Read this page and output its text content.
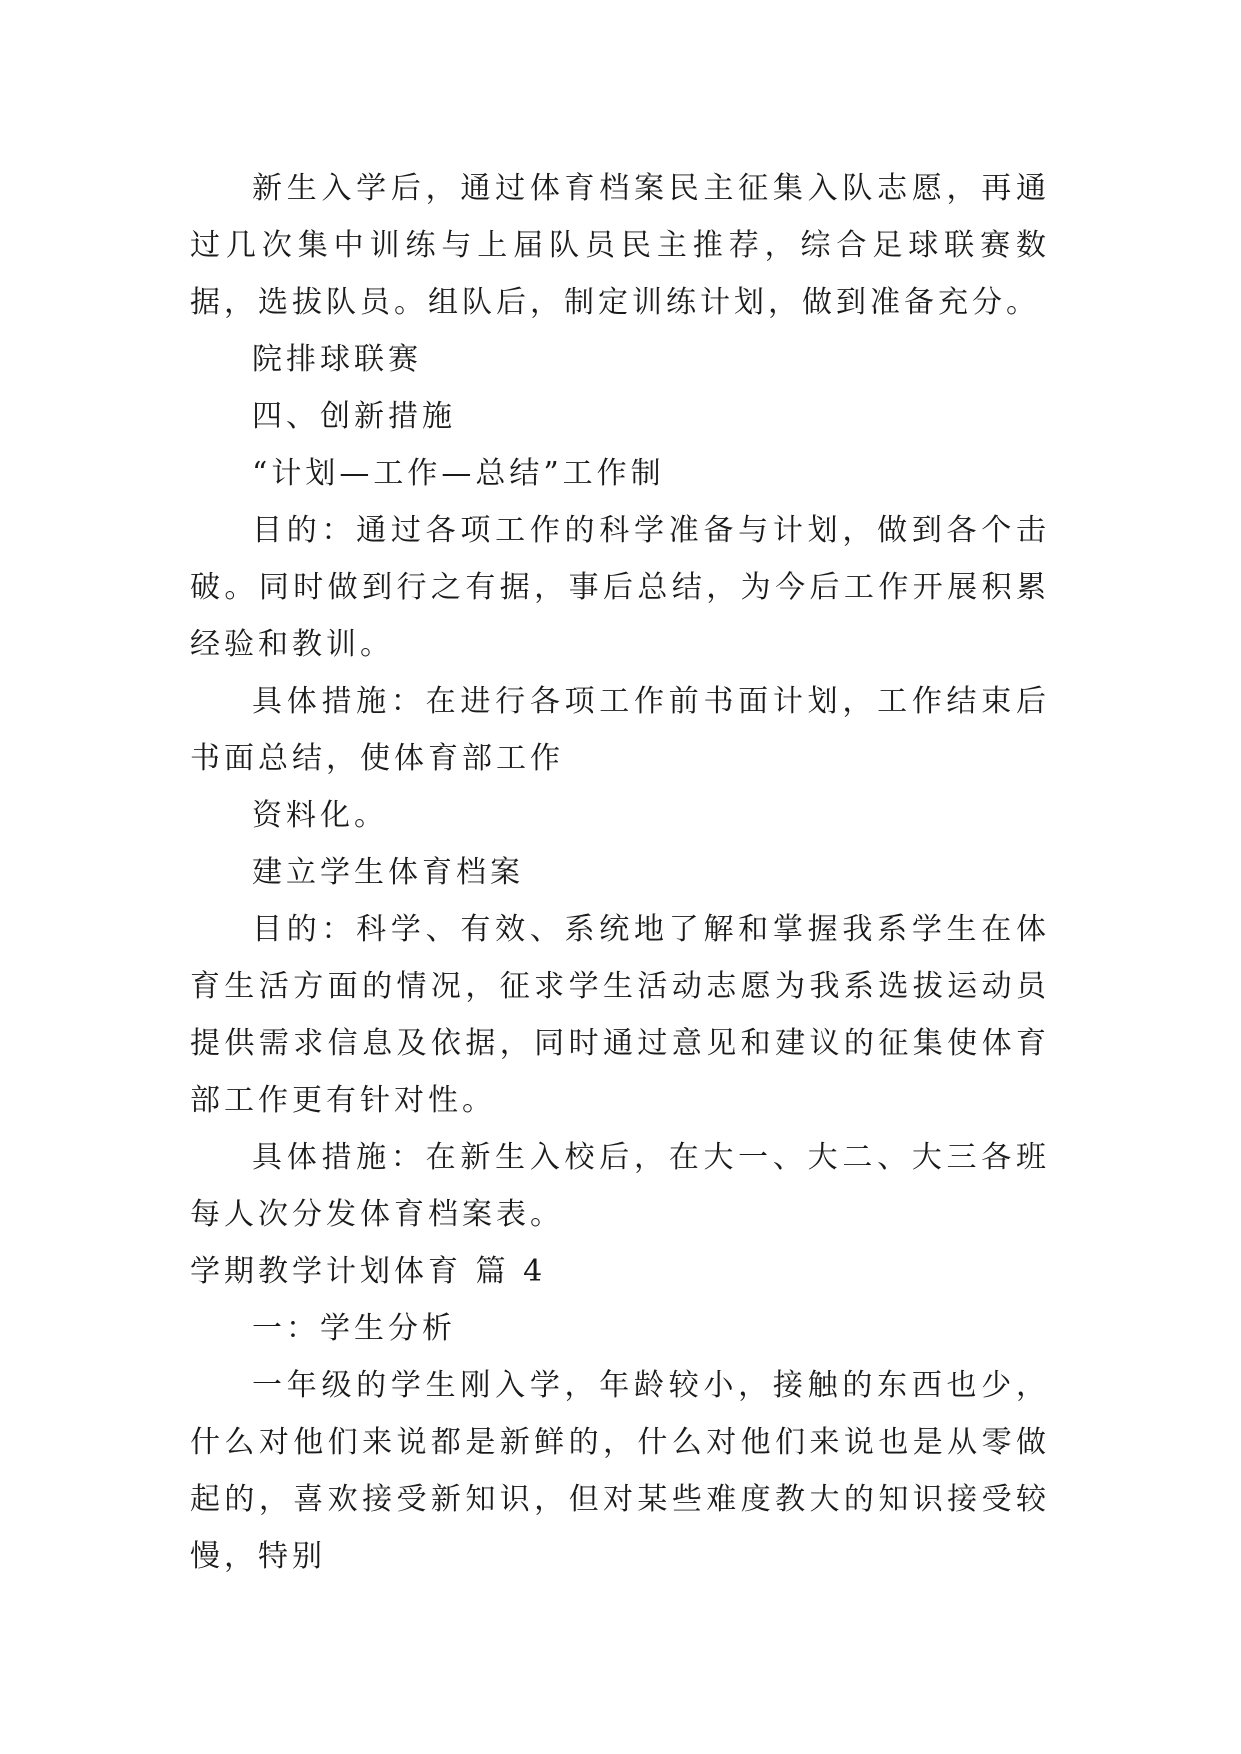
新生入学后，通过体育档案民主征集入队志愿，再通过几次集中训练与上届队员民主推荐，综合足球联赛数据，选拔队员。组队后，制定训练计划，做到准备充分。

院排球联赛

四、创新措施

“计划—工作—总结”工作制

目的：通过各项工作的科学准备与计划，做到各个击破。同时做到行之有据，事后总结，为今后工作开展积累经验和教训。

具体措施：在进行各项工作前书面计划，工作结束后书面总结，使体育部工作

资料化。

建立学生体育档案

目的：科学、有效、系统地了解和掌握我系学生在体育生活方面的情况，征求学生活动志愿为我系选拔运动员提供需求信息及依据，同时通过意见和建议的征集使体育部工作更有针对性。

具体措施：在新生入校后，在大一、大二、大三各班每人次分发体育档案表。

学期教学计划体育 篇 4

一：学生分析

一年级的学生刚入学，年龄较小，接触的东西也少，什么对他们来说都是新鲜的，什么对他们来说也是从零做起的，喜欢接受新知识，但对某些难度教大的知识接受较慢，特别
